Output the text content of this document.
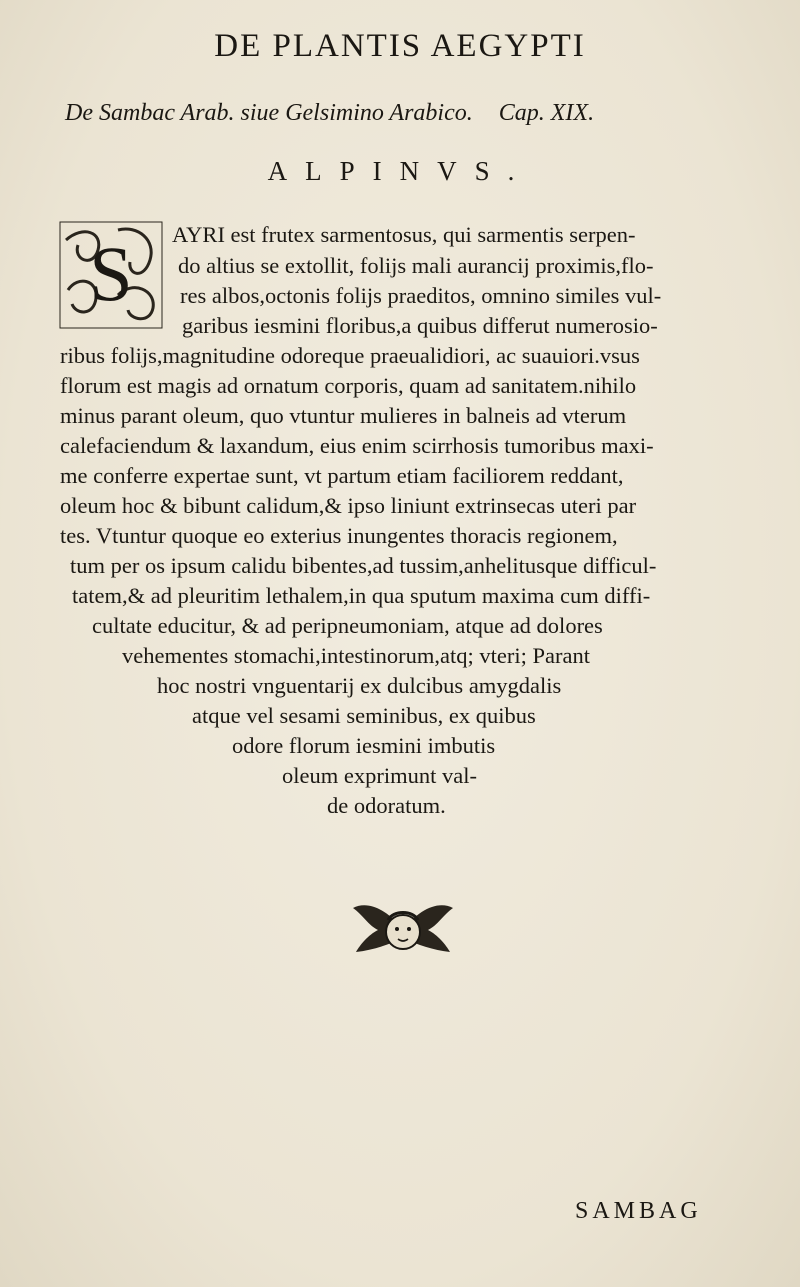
DE PLANTIS AEGYPTI
De Sambac Arab. siue Gelsimino Arabico. Cap. XIX.
ALPINVS.
S AYRI est frutex sarmentosus, qui sarmentis serpen-
do altius se extollit, folijs mali aurancij proximis,flo-
res albos,octonis folijs praeditos, omnino similes vul-
garibus iesmini floribus,a quibus differut numerosio-
ribus folijs,magnitudine odoreque praeualidiori, ac suauiori.vsus
florum est magis ad ornatum corporis, quam ad sanitatem.nihilo
minus parant oleum, quo vtuntur mulieres in balneis ad vterum
calefaciendum & laxandum, eius enim scirrhosis tumoribus maxi-
me conferre expertae sunt, vt partum etiam faciliorem reddant,
oleum hoc & bibunt calidum,& ipso liniunt extrinsecas uteri par
tes. Vtuntur quoque eo exterius inungentes thoracis regionem,
tum per os ipsum calidu bibentes,ad tussim,anhelitusque difficul-
tatem,& ad pleuritim lethalem,in qua sputum maxima cum diffi-
cultate educitur, & ad peripneumoniam, atque ad dolores
vehementes stomachi,intestinorum,atq; vteri; Parant
hoc nostri vnguentarij ex dulcibus amygdalis
atque vel sesami seminibus, ex quibus
odore florum iesmini imbutis
oleum exprimunt val-
de odoratum.
SAMBAG
